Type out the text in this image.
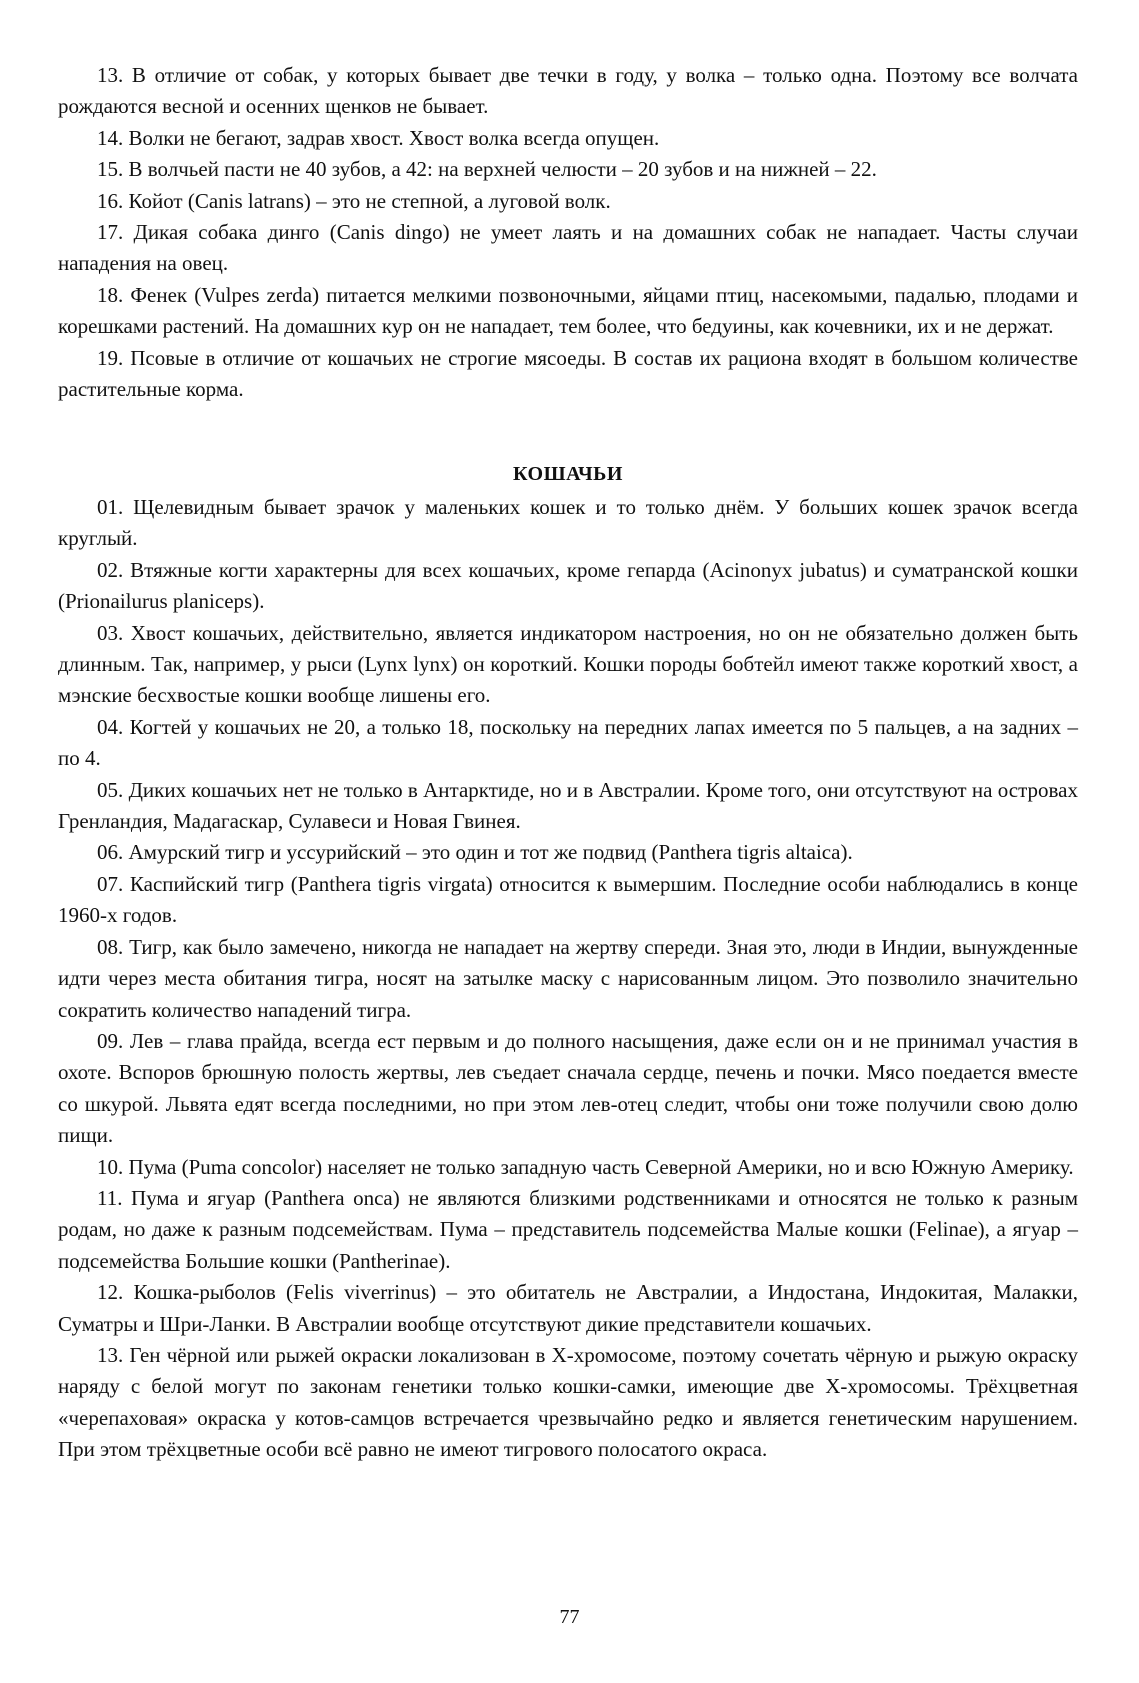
13. В отличие от собак, у которых бывает две течки в году, у волка – только одна. Поэтому все волчата рождаются весной и осенних щенков не бывает.

14. Волки не бегают, задрав хвост. Хвост волка всегда опущен.

15. В волчьей пасти не 40 зубов, а 42: на верхней челюсти – 20 зубов и на нижней – 22.

16. Койот (Canis latrans) – это не степной, а луговой волк.

17. Дикая собака динго (Canis dingo) не умеет лаять и на домашних собак не нападает. Часты случаи нападения на овец.

18. Фенек (Vulpes zerda) питается мелкими позвоночными, яйцами птиц, насекомыми, падалью, плодами и корешками растений. На домашних кур он не нападает, тем более, что бедуины, как кочевники, их и не держат.

19. Псовые в отличие от кошачьих не строгие мясоеды. В состав их рациона входят в большом количестве растительные корма.

КОШАЧЬИ

01. Щелевидным бывает зрачок у маленьких кошек и то только днём. У больших кошек зрачок всегда круглый.

02. Втяжные когти характерны для всех кошачьих, кроме гепарда (Acinonyx jubatus) и суматранской кошки (Prionailurus planiceps).

03. Хвост кошачьих, действительно, является индикатором настроения, но он не обязательно должен быть длинным. Так, например, у рыси (Lynx lynx) он короткий. Кошки породы бобтейл имеют также короткий хвост, а мэнские бесхвостые кошки вообще лишены его.

04. Когтей у кошачьих не 20, а только 18, поскольку на передних лапах имеется по 5 пальцев, а на задних – по 4.

05. Диких кошачьих нет не только в Антарктиде, но и в Австралии. Кроме того, они отсутствуют на островах Гренландия, Мадагаскар, Сулавеси и Новая Гвинея.

06. Амурский тигр и уссурийский – это один и тот же подвид (Panthera tigris altaica).

07. Каспийский тигр (Panthera tigris virgata) относится к вымершим. Последние особи наблюдались в конце 1960-х годов.

08. Тигр, как было замечено, никогда не нападает на жертву спереди. Зная это, люди в Индии, вынужденные идти через места обитания тигра, носят на затылке маску с нарисованным лицом. Это позволило значительно сократить количество нападений тигра.

09. Лев – глава прайда, всегда ест первым и до полного насыщения, даже если он и не принимал участия в охоте. Вспоров брюшную полость жертвы, лев съедает сначала сердце, печень и почки. Мясо поедается вместе со шкурой. Львята едят всегда последними, но при этом лев-отец следит, чтобы они тоже получили свою долю пищи.

10. Пума (Puma concolor) населяет не только западную часть Северной Америки, но и всю Южную Америку.

11. Пума и ягуар (Panthera onca) не являются близкими родственниками и относятся не только к разным родам, но даже к разным подсемействам. Пума – представитель подсемейства Малые кошки (Felinae), а ягуар – подсемейства Большие кошки (Pantherinae).

12. Кошка-рыболов (Felis viverrinus) – это обитатель не Австралии, а Индостана, Индокитая, Малакки, Суматры и Шри-Ланки. В Австралии вообще отсутствуют дикие представители кошачьих.

13. Ген чёрной или рыжей окраски локализован в X-хромосоме, поэтому сочетать чёрную и рыжую окраску наряду с белой могут по законам генетики только кошки-самки, имеющие две X-хромосомы. Трёхцветная «черепаховая» окраска у котов-самцов встречается чрезвычайно редко и является генетическим нарушением. При этом трёхцветные особи всё равно не имеют тигрового полосатого окраса.

77
